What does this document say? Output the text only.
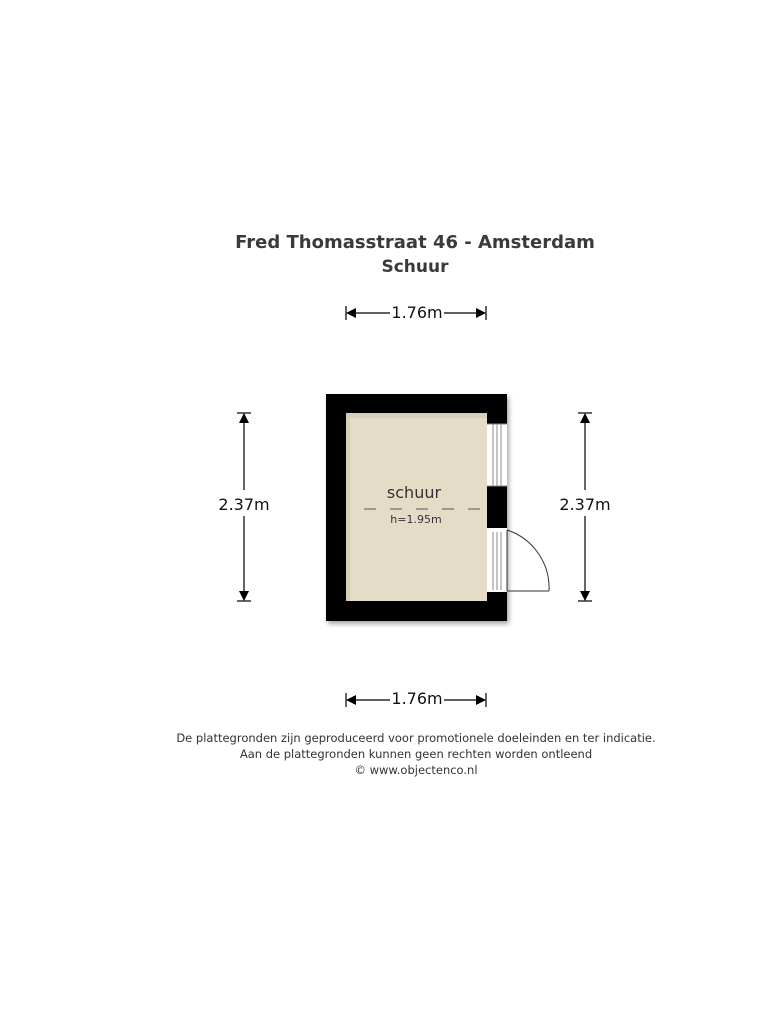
Fred Thomasstraat 46 - Amsterdam
Schuur
1.76m
1.76m
2.37m	2.37m
schuur
h=1.95m
De plattegronden zijn geproduceerd voor promotionele doeleinden en ter indicatie.
Aan de plattegronden kunnen geen rechten worden ontleend
© www.objectenco.nl
